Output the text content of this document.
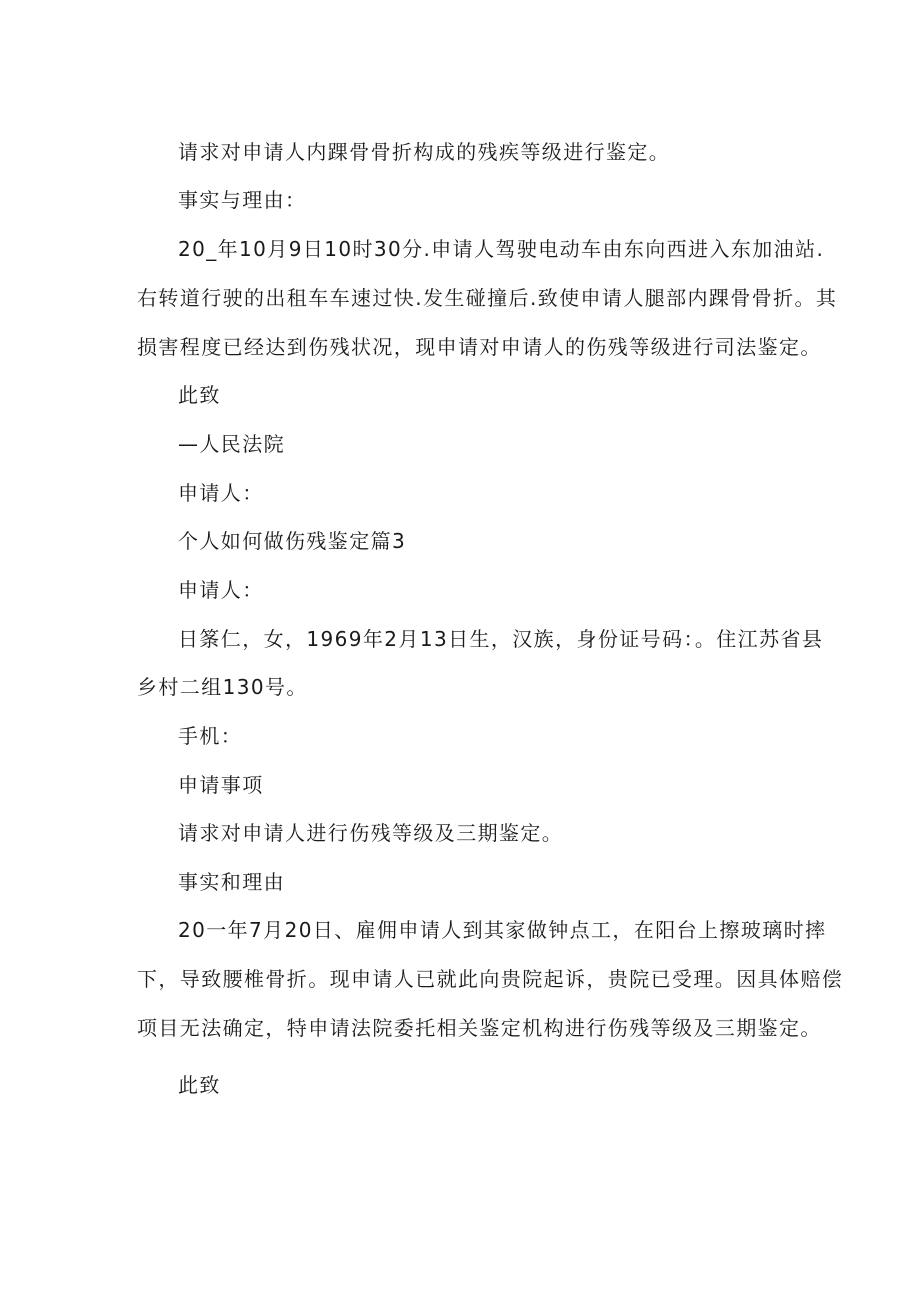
请求对申请人内踝骨骨折构成的残疾等级进行鉴定。
事实与理由：
20_年10月9日10时30分.申请人驾驶电动车由东向西进入东加油站.
右转道行驶的出租车车速过快.发生碰撞后.致使申请人腿部内踝骨骨折。其
损害程度已经达到伤残状况，现申请对申请人的伤残等级进行司法鉴定。
此致
—人民法院
申请人：
个人如何做伤残鉴定篇3
申请人：
日筿仁，女，1969年2月13日生，汉族，身份证号码：。住江苏省县
乡村二组130号。
手机：
申请事项
请求对申请人进行伤残等级及三期鉴定。
事实和理由
20一年7月20日、雇佣申请人到其家做钟点工，在阳台上擦玻璃时摔
下，导致腰椎骨折。现申请人已就此向贵院起诉，贵院已受理。因具体赔偿
项目无法确定，特申请法院委托相关鉴定机构进行伤残等级及三期鉴定。
此致
